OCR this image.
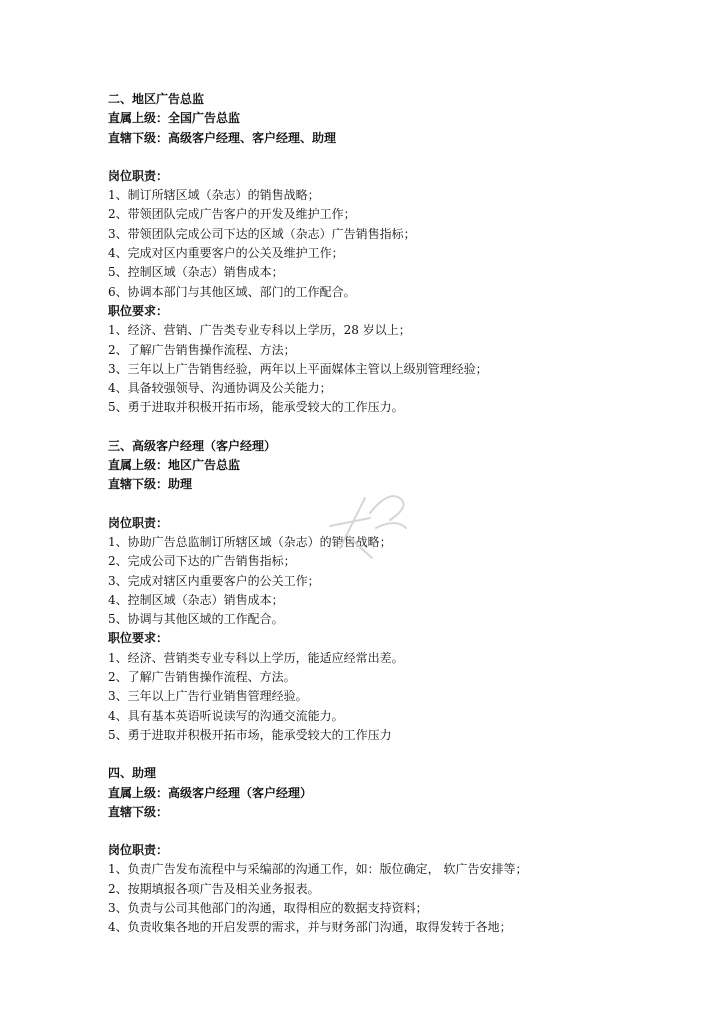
二、地区广告总监
直属上级：全国广告总监
直辖下级：高级客户经理、客户经理、助理
岗位职责：
1、制订所辖区域（杂志）的销售战略；
2、带领团队完成广告客户的开发及维护工作；
3、带领团队完成公司下达的区域（杂志）广告销售指标；
4、完成对区内重要客户的公关及维护工作；
5、控制区域（杂志）销售成本；
6、协调本部门与其他区域、部门的工作配合。
职位要求：
1、经济、营销、广告类专业专科以上学历，28 岁以上；
2、了解广告销售操作流程、方法；
3、三年以上广告销售经验，两年以上平面媒体主管以上级别管理经验；
4、具备较强领导、沟通协调及公关能力；
5、勇于进取并积极开拓市场，能承受较大的工作压力。
三、高级客户经理（客户经理）
直属上级：地区广告总监
直辖下级：助理
岗位职责：
1、协助广告总监制订所辖区域（杂志）的销售战略；
2、完成公司下达的广告销售指标；
3、完成对辖区内重要客户的公关工作；
4、控制区域（杂志）销售成本；
5、协调与其他区域的工作配合。
职位要求：
1、经济、营销类专业专科以上学历，能适应经常出差。
2、了解广告销售操作流程、方法。
3、三年以上广告行业销售管理经验。
4、具有基本英语听说读写的沟通交流能力。
5、勇于进取并积极开拓市场，能承受较大的工作压力
四、助理
直属上级：高级客户经理（客户经理）
直辖下级：
岗位职责：
1、负责广告发布流程中与采编部的沟通工作，如：版位确定， 软广告安排等；
2、按期填报各项广告及相关业务报表。
3、负责与公司其他部门的沟通，取得相应的数据支持资料；
4、负责收集各地的开启发票的需求，并与财务部门沟通，取得发转于各地；
